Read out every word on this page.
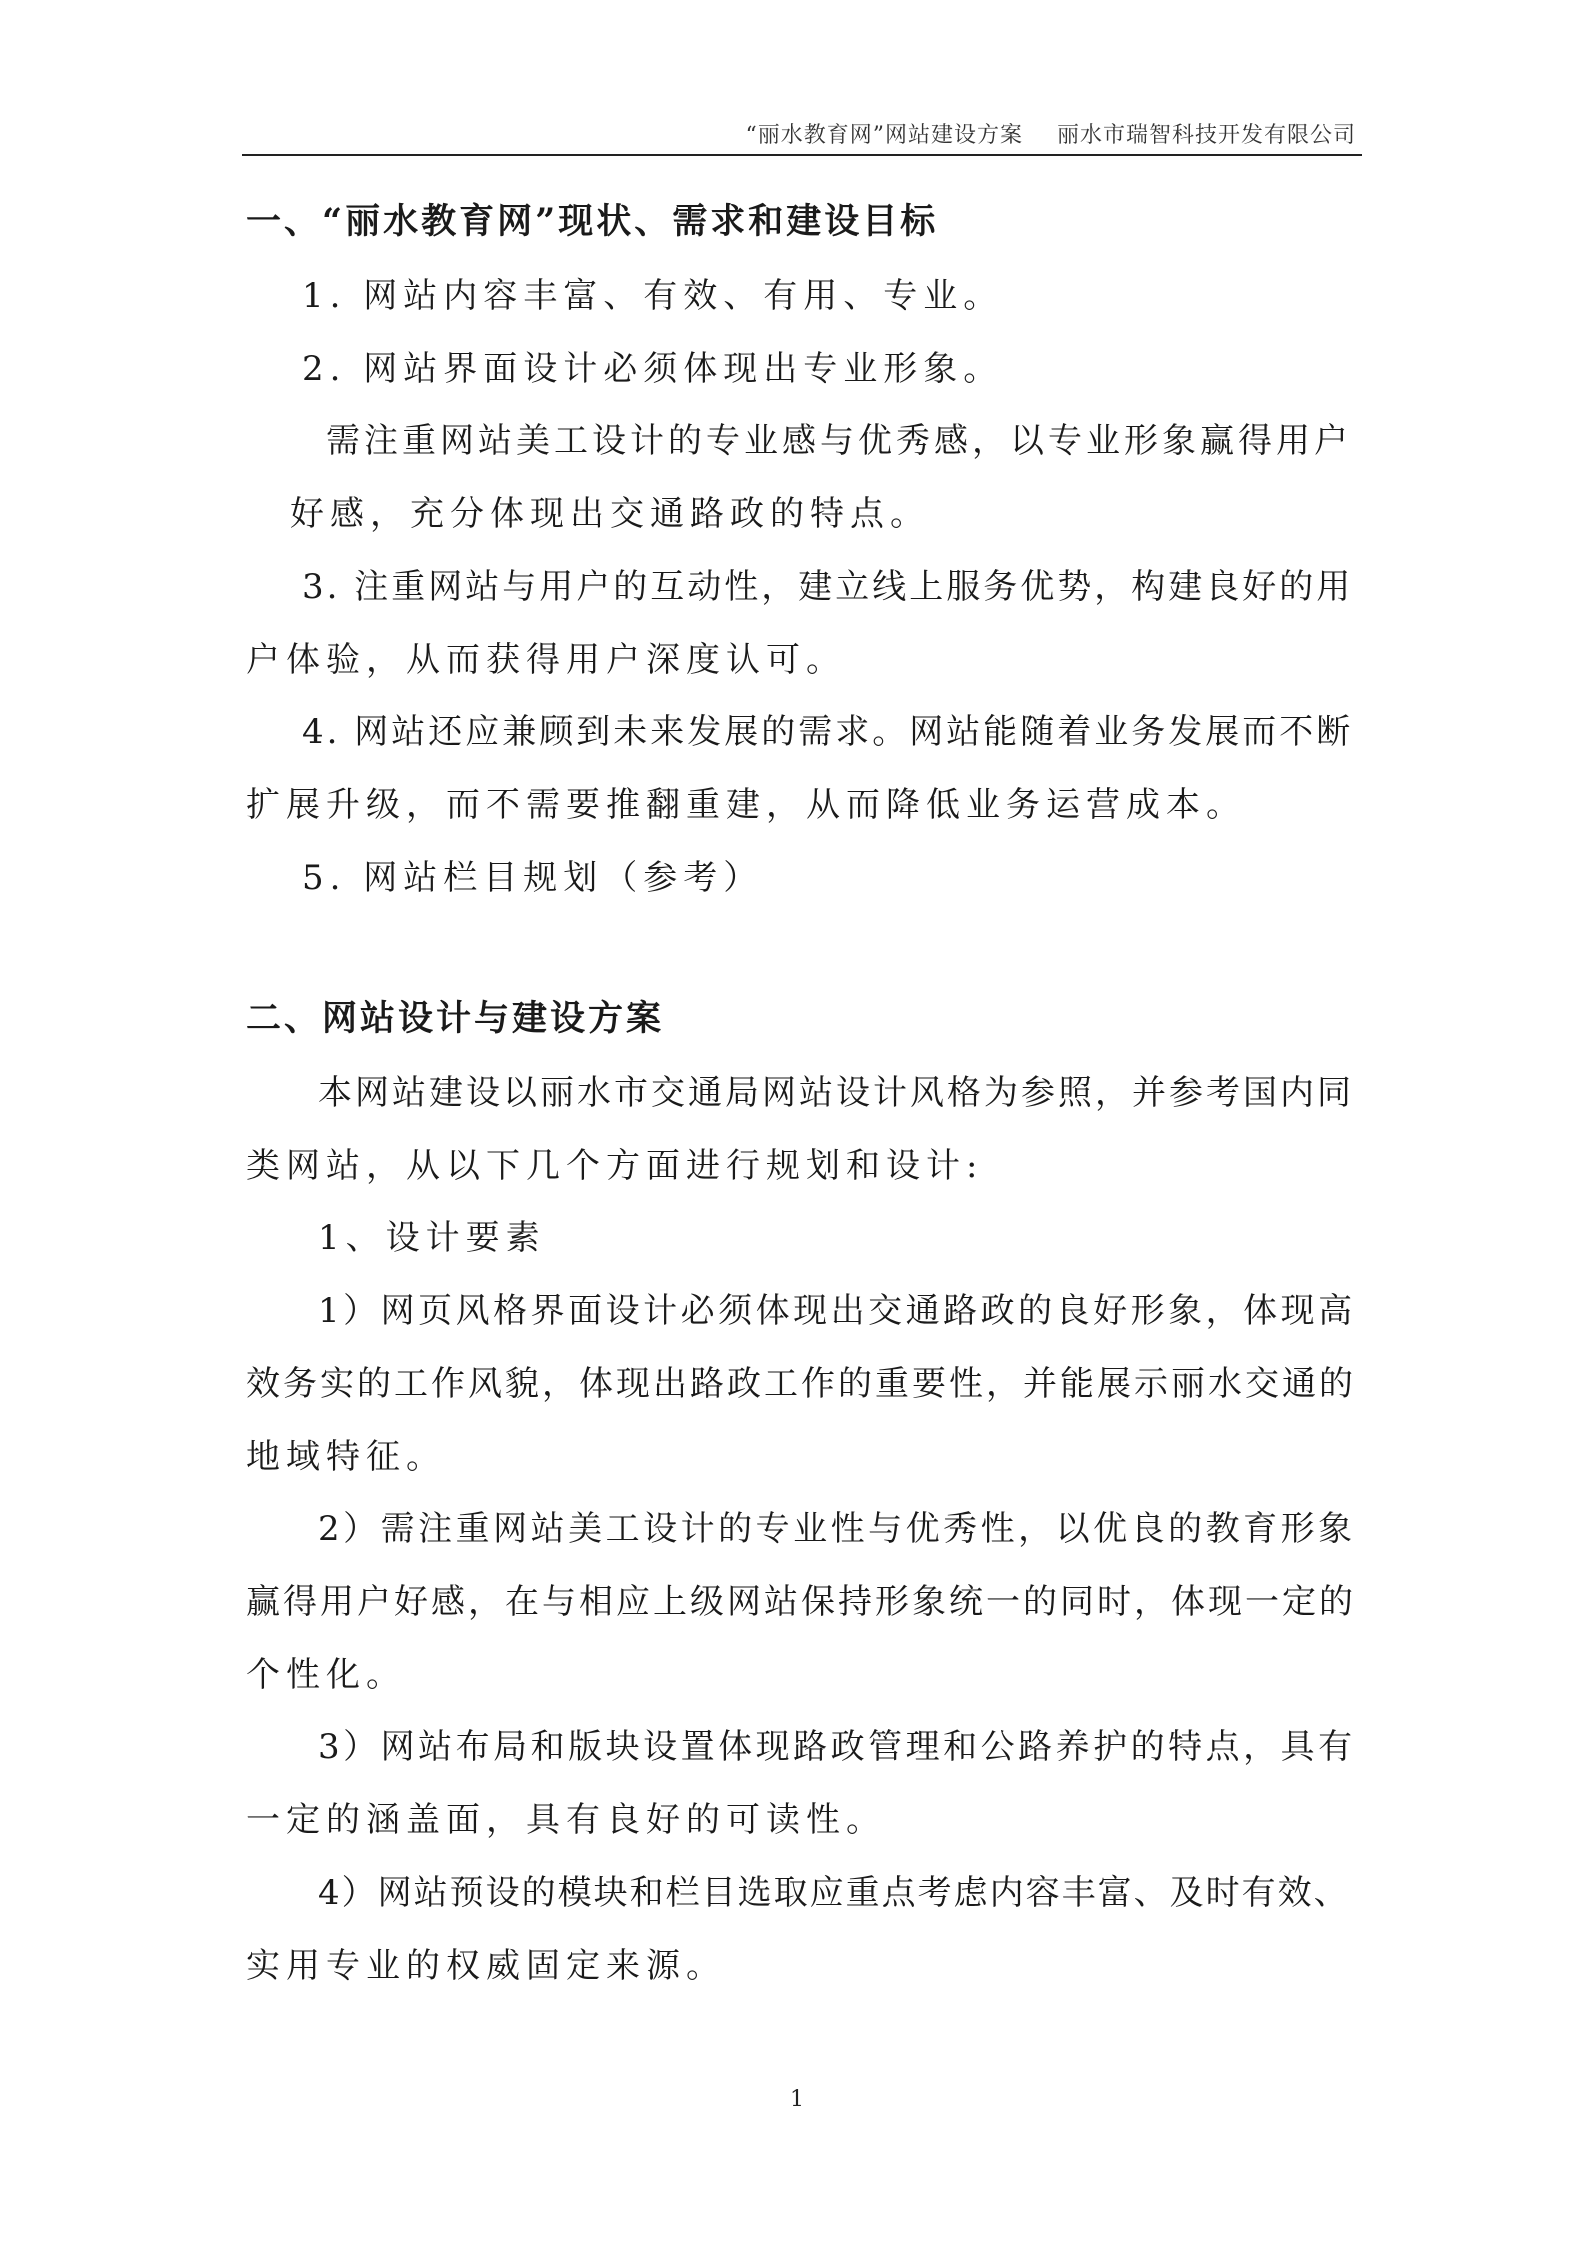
“丽水教育网”网站建设方案 丽水市瑞智科技开发有限公司
一、“丽水教育网”现状、需求和建设目标
1. 网站内容丰富、有效、有用、专业。
2. 网站界面设计必须体现出专业形象。
需注重网站美工设计的专业感与优秀感，以专业形象赢得用户
好感，充分体现出交通路政的特点。
3. 注重网站与用户的互动性，建立线上服务优势，构建良好的用
户体验，从而获得用户深度认可。
4. 网站还应兼顾到未来发展的需求。网站能随着业务发展而不断
扩展升级，而不需要推翻重建，从而降低业务运营成本。
5. 网站栏目规划（参考）
二、网站设计与建设方案
本网站建设以丽水市交通局网站设计风格为参照，并参考国内同
类网站，从以下几个方面进行规划和设计:
1、设计要素
1）网页风格界面设计必须体现出交通路政的良好形象，体现高
效务实的工作风貌，体现出路政工作的重要性，并能展示丽水交通的
地域特征。
2）需注重网站美工设计的专业性与优秀性，以优良的教育形象
赢得用户好感，在与相应上级网站保持形象统一的同时，体现一定的
个性化。
3）网站布局和版块设置体现路政管理和公路养护的特点，具有
一定的涵盖面，具有良好的可读性。
4）网站预设的模块和栏目选取应重点考虑内容丰富、及时有效、
实用专业的权威固定来源。
1
